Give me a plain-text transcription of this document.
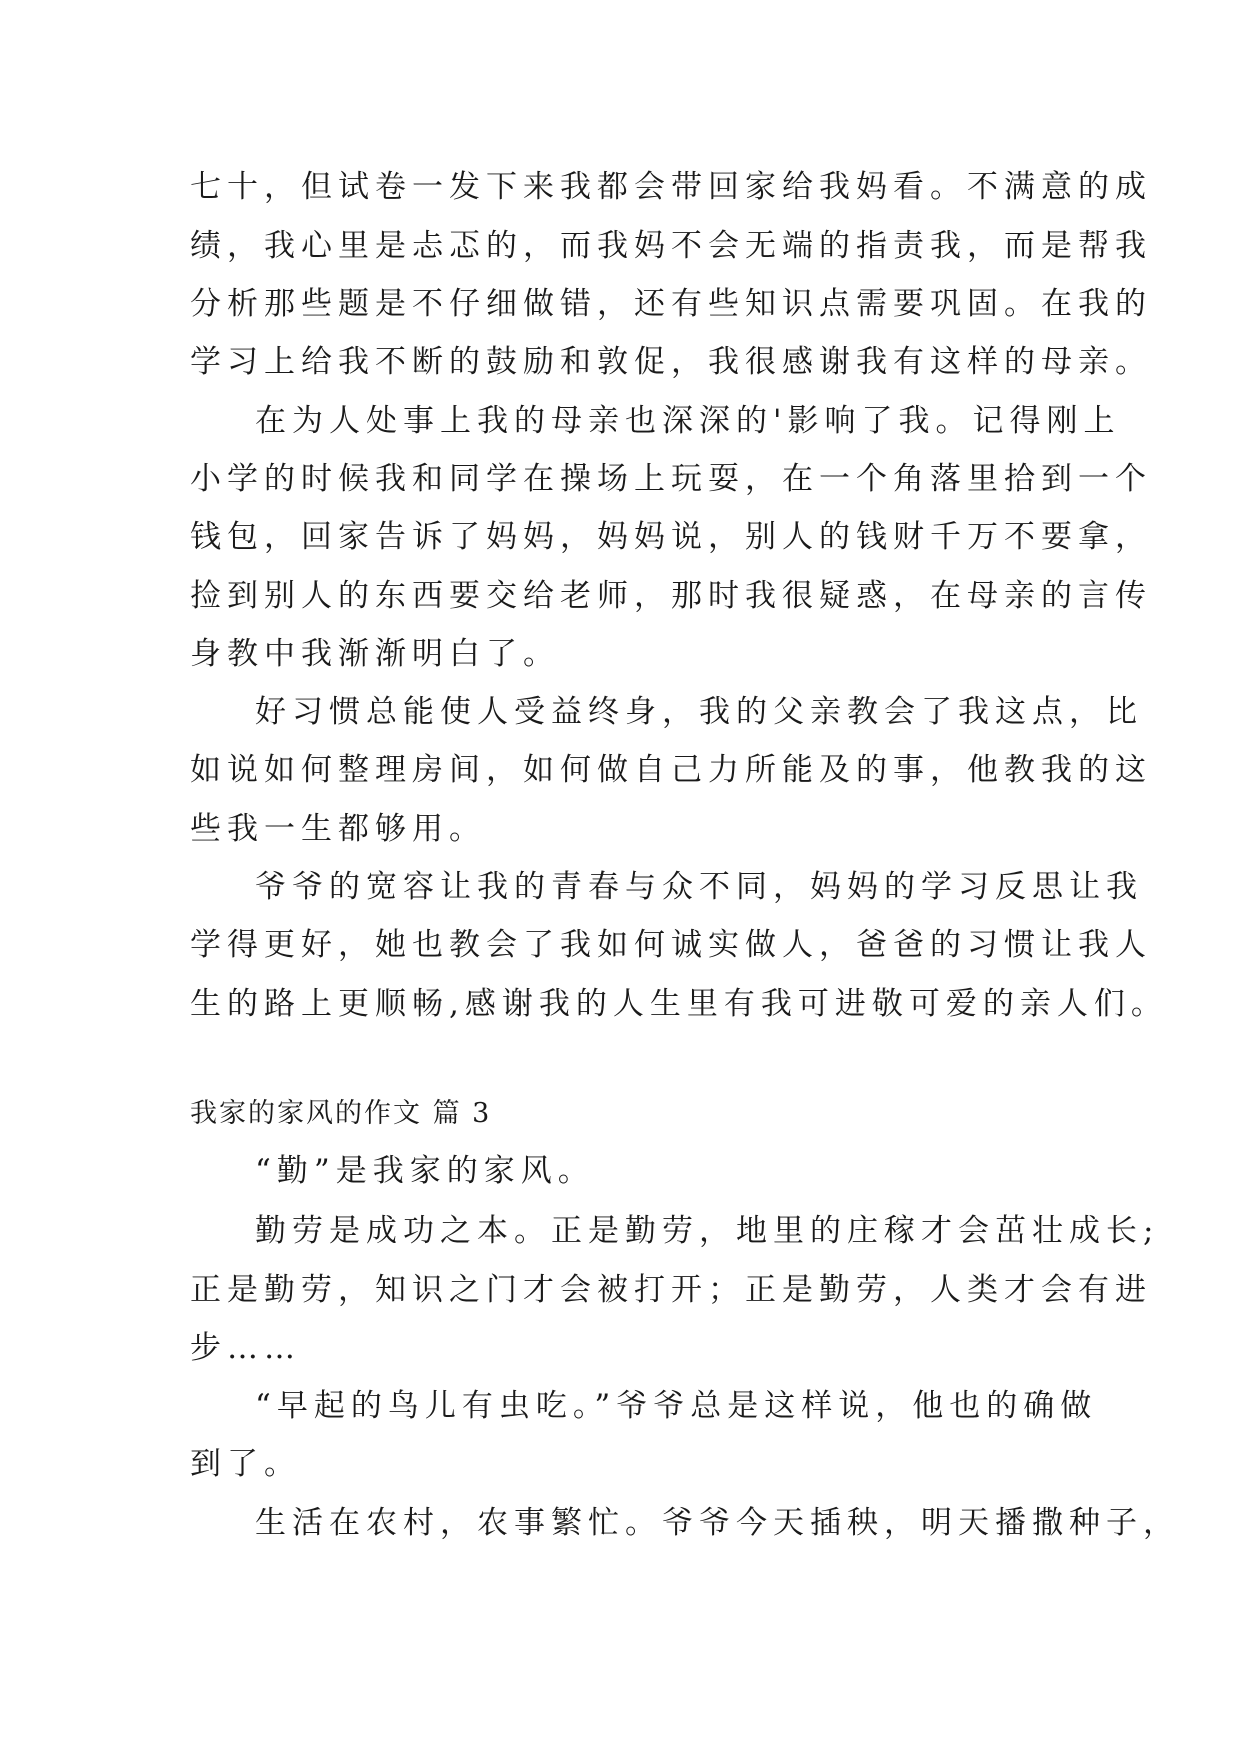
七十，但试卷一发下来我都会带回家给我妈看。不满意的成
绩，我心里是忐忑的，而我妈不会无端的指责我，而是帮我
分析那些题是不仔细做错，还有些知识点需要巩固。在我的
学习上给我不断的鼓励和敦促，我很感谢我有这样的母亲。
在为人处事上我的母亲也深深的'影响了我。记得刚上
小学的时候我和同学在操场上玩耍，在一个角落里拾到一个
钱包，回家告诉了妈妈，妈妈说，别人的钱财千万不要拿，
捡到别人的东西要交给老师，那时我很疑惑，在母亲的言传
身教中我渐渐明白了。
好习惯总能使人受益终身，我的父亲教会了我这点，比
如说如何整理房间，如何做自己力所能及的事，他教我的这
些我一生都够用。
爷爷的宽容让我的青春与众不同，妈妈的学习反思让我
学得更好，她也教会了我如何诚实做人，爸爸的习惯让我人
生的路上更顺畅,感谢我的人生里有我可进敬可爱的亲人们。
我家的家风的作文 篇 3
“勤”是我家的家风。
勤劳是成功之本。正是勤劳，地里的庄稼才会茁壮成长;
正是勤劳，知识之门才会被打开；正是勤劳，人类才会有进
步……
“早起的鸟儿有虫吃。”爷爷总是这样说，他也的确做
到了。
生活在农村，农事繁忙。爷爷今天插秧，明天播撒种子，
